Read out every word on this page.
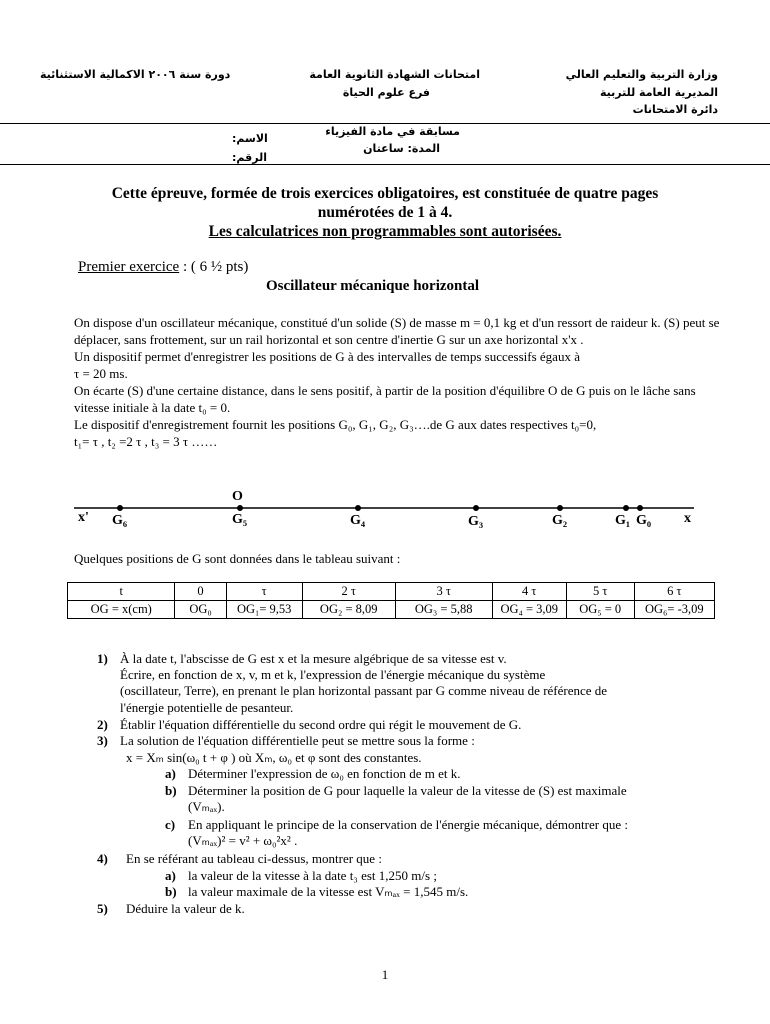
وزارة التربية والتعليم العالي
المديرية العامة للتربية
دائرة الامتحانات
امتحانات الشهادة الثانوية العامة
فرع علوم الحياة
دورة سنة ٢٠٠٦ الاكمالية الاستثنائية
مسابقة في مادة الفيزياء
المدة: ساعتان
الاسم:
الرقم:
Cette épreuve, formée de trois exercices obligatoires, est constituée de quatre pages
numérotées de 1 à 4.
Les calculatrices non programmables sont autorisées.
Premier exercice : ( 6 ½ pts)
Oscillateur mécanique horizontal
On dispose d'un oscillateur mécanique, constitué d'un solide (S) de masse m = 0,1 kg et d'un ressort de raideur k. (S) peut se déplacer, sans frottement, sur un rail horizontal et son centre d'inertie G sur un axe horizontal x'x .
Un dispositif permet d'enregistrer les positions de G à des intervalles de temps successifs égaux à
τ = 20 ms.
On écarte (S) d'une certaine distance, dans le sens positif, à partir de la position d'équilibre O de G puis on le lâche sans vitesse initiale à la date t₀ = 0.
Le dispositif d'enregistrement fournit les positions G₀, G₁, G₂, G₃….de G aux dates respectives t₀=0,
t₁= τ , t₂ =2 τ , t₃ = 3 τ ……
O
x'	x
G₆	G₅	G₄	G₃	G₂	G₁ G₀
Quelques positions de G sont données dans le tableau suivant :
t	0	τ	2 τ	3 τ	4 τ	5 τ	6 τ
OG = x(cm)	OG₀	OG₁= 9,53	OG₂ = 8,09	OG₃ = 5,88	OG₄ = 3,09	OG₅ = 0	OG₆= -3,09
1) À la date t, l'abscisse de G est x et la mesure algébrique de sa vitesse est v.
Écrire, en fonction de x, v, m et k, l'expression de l'énergie mécanique du système
(oscillateur, Terre), en prenant le plan horizontal passant par G comme niveau de référence de
l'énergie potentielle de pesanteur.
2) Établir l'équation différentielle du second ordre qui régit le mouvement de G.
3) La solution de l'équation différentielle peut se mettre sous la forme :
x = Xₘ sin(ω₀ t + φ ) où Xₘ, ω₀ et φ sont des constantes.
a) Déterminer l'expression de ω₀ en fonction de m et k.
b) Déterminer la position de G pour laquelle la valeur de la vitesse de (S) est maximale
(Vₘₐₓ).
c) En appliquant le principe de la conservation de l'énergie mécanique, démontrer que :
(Vₘₐₓ)² = v² + ω₀²x² .
4) En se référant au tableau ci-dessus, montrer que :
a) la valeur de la vitesse à la date t₃ est 1,250 m/s ;
b) la valeur maximale de la vitesse est Vₘₐₓ = 1,545 m/s.
5) Déduire la valeur de k.
1
